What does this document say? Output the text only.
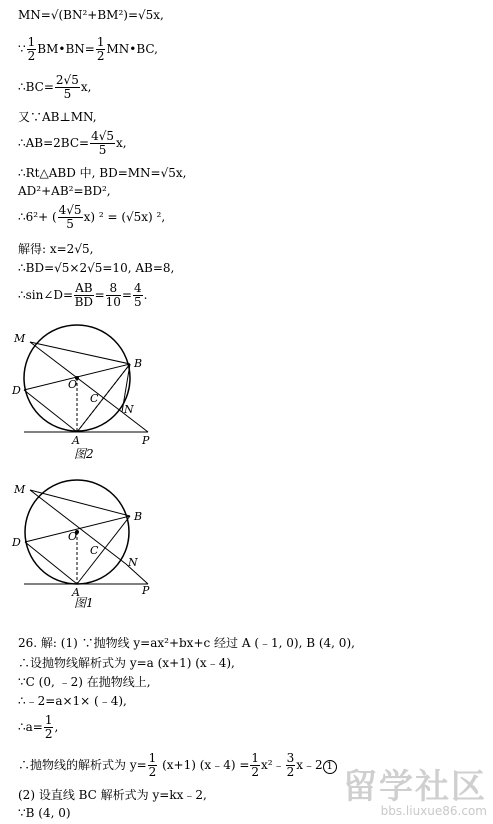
MN=√(BN²+BM²)=√5x,
∵ $\frac{1}{2}$ BM•BN= $\frac{1}{2}$ MN•BC,
∴BC= $\frac{2√5}{5} x$,
又∵AB⊥MN,
∴AB=2BC= $\frac{4√5}{5} x$,
∴Rt△ABD 中, BD=MN=√5x,
AD²+AB²=BD²,
∴6²+ ( $\frac{4√5}{5} x$) ² = (√5x) ²,
解得: x=2√5,
∴BD=√5×2√5=10, AB=8,
∴sin∠D= $\frac{AB}{BD} = \frac{8}{10} = \frac{4}{5}$ .
M
B
D	O
C
N
A	P
图2
M
B
D	O
C
N
A	P
图1
26. 解: (1) ∵抛物线 y=ax²+bx+c 经过 A (﹣1, 0), B (4, 0),
∴设抛物线解析式为 y=a (x+1) (x﹣4),
∵C (0, ﹣2) 在抛物线上,
∴﹣2=a×1× (﹣4),
∴a= $\frac{1}{2}$ ,
∴抛物线的解析式为 $y= \frac{1}{2} (x+1)$ (x﹣4) = $\frac{1}{2}$ x²﹣ $\frac{3}{2}$ x﹣2 1
(2) 设直线 BC 解析式为 y=kx﹣2,
∵B (4, 0)
留学社区
bbs.liuxue86.com
